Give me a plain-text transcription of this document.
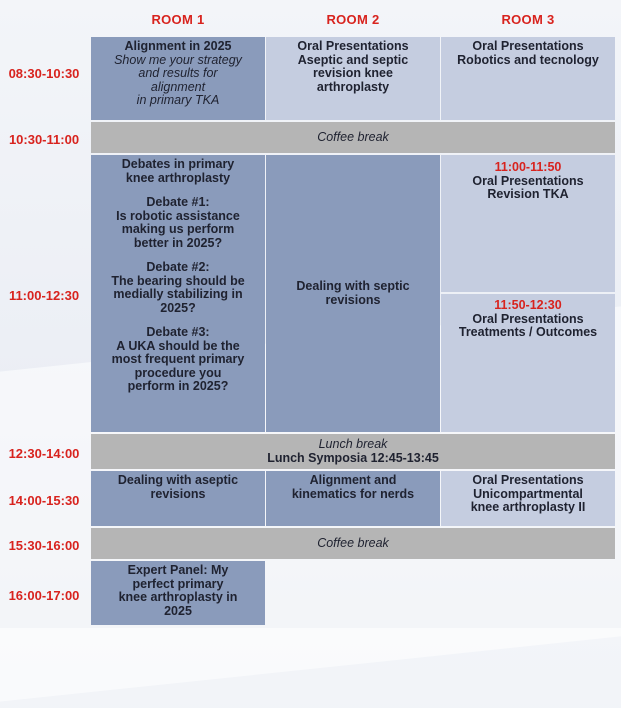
ROOM 1	ROOM 2	ROOM 3
08:30-10:30
10:30-11:00
11:00-12:30
12:30-14:00
14:00-15:30
15:30-16:00
16:00-17:00
Alignment in 2025
Show me your strategy
and results for
alignment
in primary TKA
Oral Presentations
Aseptic and septic
revision knee
arthroplasty
Oral Presentations
Robotics and tecnology
Coffee break
Debates in primary
knee arthroplasty
Debate #1:
Is robotic assistance
making us perform
better in 2025?
Debate #2:
The bearing should be
medially stabilizing in
2025?
Debate #3:
A UKA should be the
most frequent primary
procedure you
perform in 2025?
Dealing with septic
revisions
11:00-11:50
Oral Presentations
Revision TKA
11:50-12:30
Oral Presentations
Treatments / Outcomes
Lunch break
Lunch Symposia 12:45-13:45
Dealing with aseptic
revisions
Alignment and
kinematics for nerds
Oral Presentations
Unicompartmental
knee arthroplasty II
Coffee break
Expert Panel: My
perfect primary
knee arthroplasty in
2025
